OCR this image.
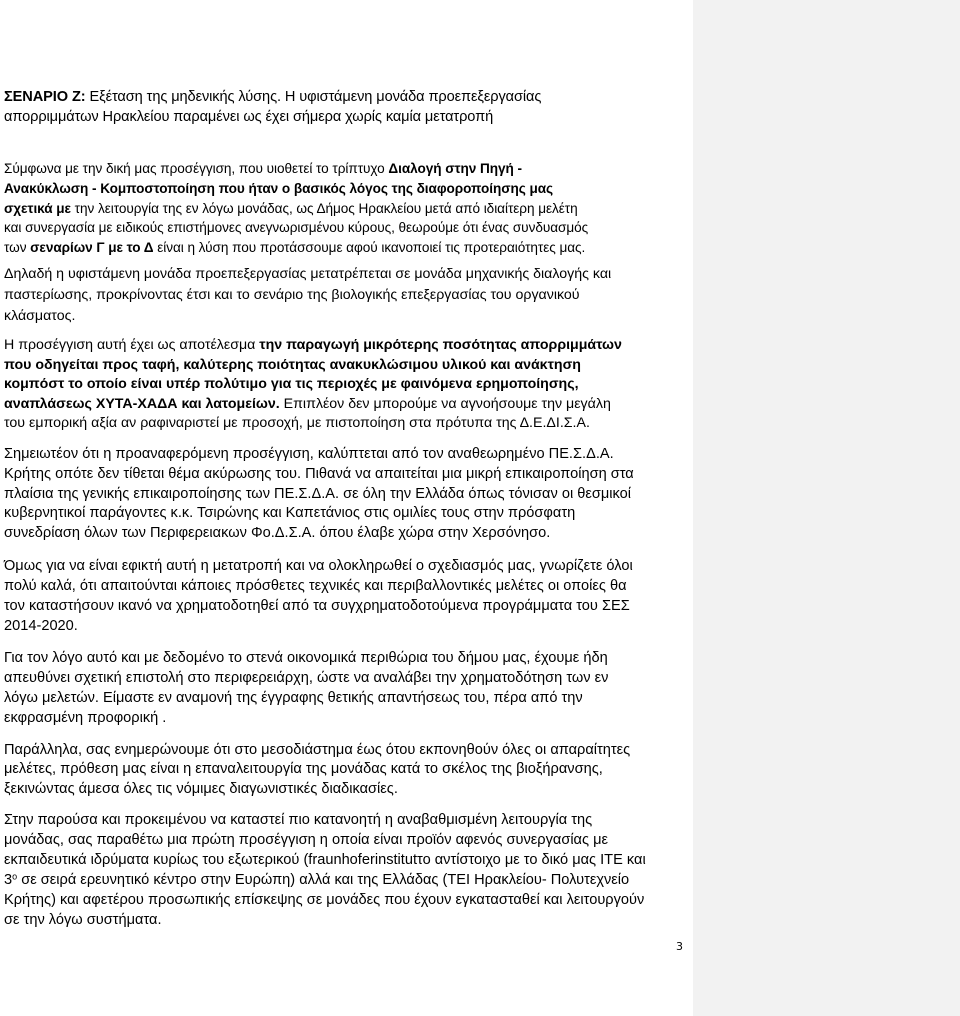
ΣΕΝΑΡΙΟ Ζ: Εξέταση της μηδενικής λύσης. Η υφιστάμενη μονάδα προεπεξεργασίας
απορριμμάτων Ηρακλείου παραμένει ως έχει σήμερα χωρίς καμία μετατροπή
Σύμφωνα με την δική μας προσέγγιση, που υιοθετεί το τρίπτυχο Διαλογή στην Πηγή -
Ανακύκλωση - Κομποστοποίηση που ήταν ο βασικός λόγος της διαφοροποίησης μας
σχετικά με την λειτουργία της εν λόγω μονάδας, ως Δήμος Ηρακλείου μετά από ιδιαίτερη μελέτη
και συνεργασία με ειδικούς επιστήμονες ανεγνωρισμένου κύρους, θεωρούμε ότι ένας συνδυασμός
των σεναρίων Γ με το Δ είναι η λύση που προτάσσουμε αφού ικανοποιεί τις προτεραιότητες μας.
Δηλαδή η υφιστάμενη μονάδα προεπεξεργασίας μετατρέπεται σε μονάδα μηχανικής διαλογής και
παστερίωσης, προκρίνοντας έτσι και το σενάριο της βιολογικής επεξεργασίας του οργανικού
κλάσματος.
Η προσέγγιση αυτή έχει ως αποτέλεσμα την παραγωγή μικρότερης ποσότητας απορριμμάτων
που οδηγείται προς ταφή, καλύτερης ποιότητας ανακυκλώσιμου υλικού και ανάκτηση
κομπόστ το οποίο είναι υπέρ πολύτιμο για τις περιοχές με φαινόμενα ερημοποίησης,
αναπλάσεως ΧΥΤΑ-ΧΑΔΑ και λατομείων. Επιπλέον δεν μπορούμε να αγνοήσουμε την μεγάλη
του εμπορική αξία αν ραφιναριστεί με προσοχή, με πιστοποίηση στα πρότυπα της Δ.Ε.ΔΙ.Σ.Α.
Σημειωτέον ότι η προαναφερόμενη προσέγγιση, καλύπτεται από τον αναθεωρημένο ΠΕ.Σ.Δ.Α.
Κρήτης οπότε δεν τίθεται θέμα ακύρωσης του. Πιθανά να απαιτείται μια μικρή επικαιροποίηση στα
πλαίσια της γενικής επικαιροποίησης των ΠΕ.Σ.Δ.Α. σε όλη την Ελλάδα όπως τόνισαν οι θεσμικοί
κυβερνητικοί παράγοντες κ.κ. Τσιρώνης και Καπετάνιος στις ομιλίες τους στην πρόσφατη
συνεδρίαση όλων των Περιφερειακων Φο.Δ.Σ.Α. όπου έλαβε χώρα στην Χερσόνησο.
Όμως για να είναι εφικτή αυτή η μετατροπή και να ολοκληρωθεί ο σχεδιασμός μας, γνωρίζετε όλοι
πολύ καλά, ότι απαιτούνται κάποιες πρόσθετες τεχνικές και περιβαλλοντικές μελέτες οι οποίες θα
τον καταστήσουν ικανό να χρηματοδοτηθεί από τα συγχρηματοδοτούμενα προγράμματα του ΣΕΣ
2014-2020.
Για τον λόγο αυτό και με δεδομένο το στενά οικονομικά περιθώρια του δήμου μας, έχουμε ήδη
απευθύνει σχετική επιστολή στο περιφερειάρχη, ώστε να αναλάβει την χρηματοδότηση των εν
λόγω μελετών. Είμαστε εν αναμονή της έγγραφης θετικής απαντήσεως του, πέρα από την
εκφρασμένη προφορική .
Παράλληλα, σας ενημερώνουμε ότι στο μεσοδιάστημα έως ότου εκπονηθούν όλες οι απαραίτητες
μελέτες, πρόθεση μας είναι η επαναλειτουργία της μονάδας κατά το σκέλος της βιοξήρανσης,
ξεκινώντας άμεσα όλες τις νόμιμες διαγωνιστικές διαδικασίες.
Στην παρούσα και προκειμένου να καταστεί πιο κατανοητή η αναβαθμισμένη λειτουργία της
μονάδας, σας παραθέτω μια πρώτη προσέγγιση η οποία είναι προϊόν αφενός συνεργασίας με
εκπαιδευτικά ιδρύματα κυρίως του εξωτερικού (fraunhoferinstitutτο αντίστοιχο με το δικό μας ΙΤΕ και
$3^o$ σε σειρά ερευνητικό κέντρο στην Ευρώπη) αλλά και της Ελλάδας (ΤΕΙ Ηρακλείου- Πολυτεχνείο
Κρήτης) και αφετέρου προσωπικής επίσκεψης σε μονάδες που έχουν εγκατασταθεί και λειτουργούν
σε την λόγω συστήματα.
3
